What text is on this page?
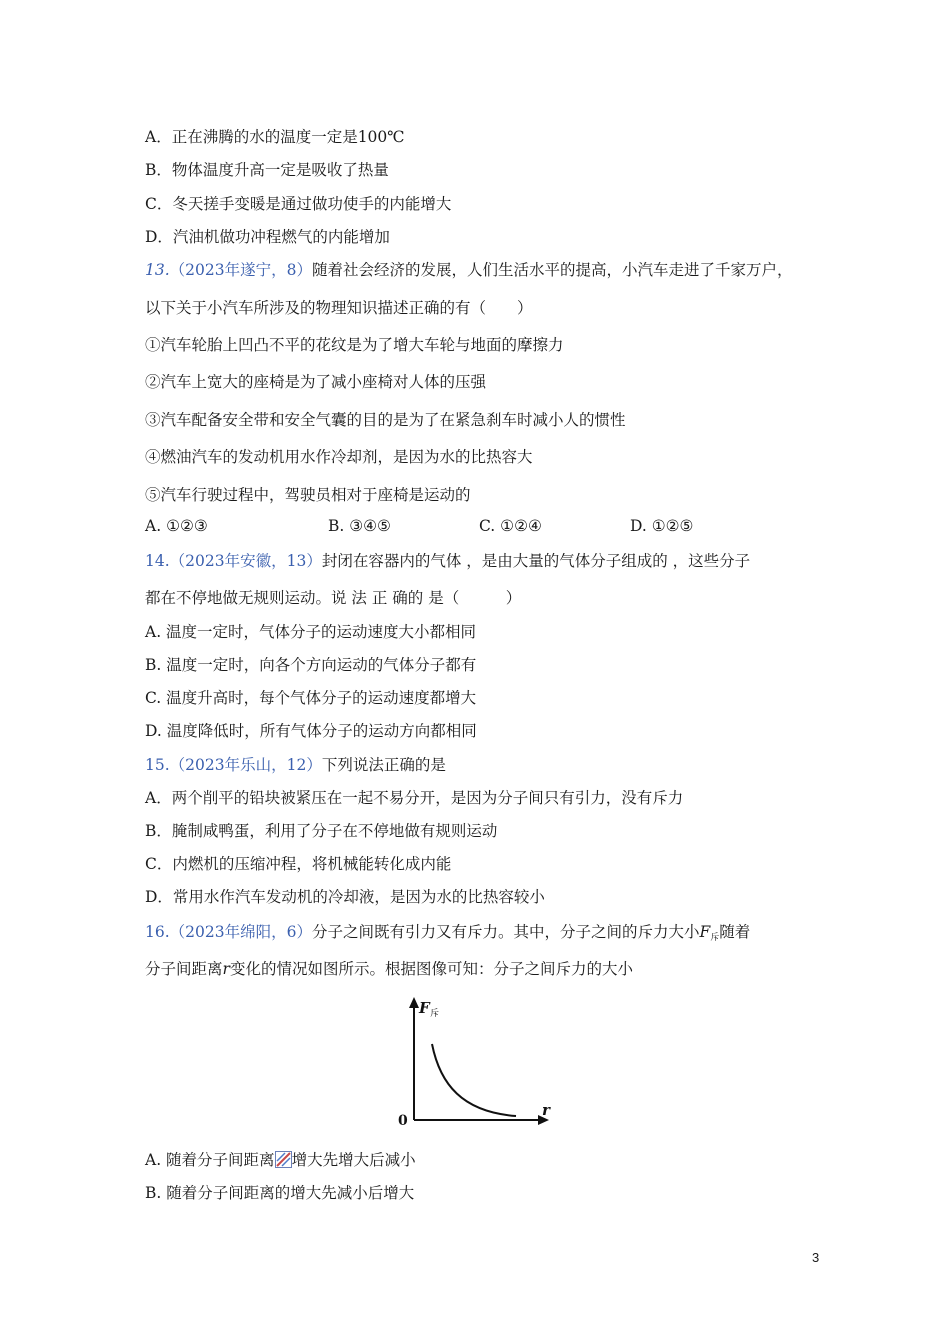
A．正在沸腾的水的温度一定是100℃
B．物体温度升高一定是吸收了热量
C．冬天搓手变暖是通过做功使手的内能增大
D．汽油机做功冲程燃气的内能增加
13.（2023年遂宁，8）随着社会经济的发展，人们生活水平的提高，小汽车走进了千家万户，
以下关于小汽车所涉及的物理知识描述正确的有（　　）
①汽车轮胎上凹凸不平的花纹是为了增大车轮与地面的摩擦力
②汽车上宽大的座椅是为了减小座椅对人体的压强
③汽车配备安全带和安全气囊的目的是为了在紧急刹车时减小人的惯性
④燃油汽车的发动机用水作冷却剂，是因为水的比热容大
⑤汽车行驶过程中，驾驶员相对于座椅是运动的
A. ①②③	B. ③④⑤	C. ①②④	D. ①②⑤
14.（2023年安徽，13）封闭在容器内的气体 ，是由大量的气体分子组成的 ，这些分子
都在不停地做无规则运动。说 法 正 确的 是（　　　）
A. 温度一定时，气体分子的运动速度大小都相同
B. 温度一定时，向各个方向运动的气体分子都有
C. 温度升高时，每个气体分子的运动速度都增大
D. 温度降低时，所有气体分子的运动方向都相同
15.（2023年乐山，12）下列说法正确的是
A．两个削平的铅块被紧压在一起不易分开，是因为分子间只有引力，没有斥力
B．腌制咸鸭蛋，利用了分子在不停地做有规则运动
C．内燃机的压缩冲程，将机械能转化成内能
D．常用水作汽车发动机的冷却液，是因为水的比热容较小
16.（2023年绵阳，6）分子之间既有引力又有斥力。其中，分子之间的斥力大小$F_斥$随着
分子间距离r变化的情况如图所示。根据图像可知：分子之间斥力的大小
F 斥
r
0
A. 随着分子间距离 增大先增大后减小
B. 随着分子间距离的增大先减小后增大
3
